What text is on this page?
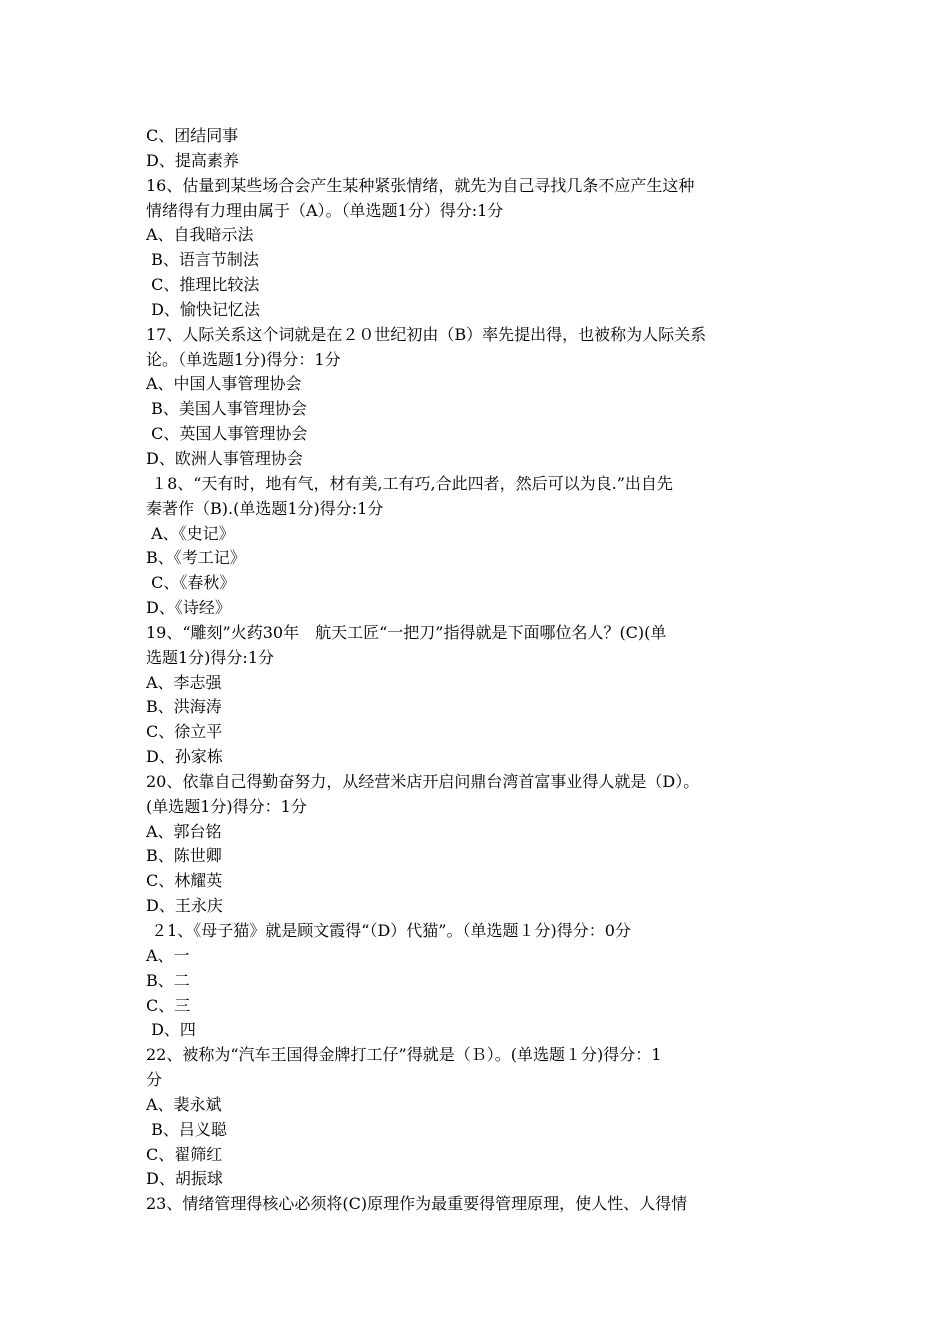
C、团结同事
D、提高素养
16、估量到某些场合会产生某种紧张情绪，就先为自己寻找几条不应产生这种
情绪得有力理由属于（A）。（单选题1分）得分:1分
A、自我暗示法
B、语言节制法
C、推理比较法
D、愉快记忆法
17、人际关系这个词就是在２０世纪初由（B）率先提出得，也被称为人际关系
论。（单选题1分)得分：1分
A、中国人事管理协会
B、美国人事管理协会
C、英国人事管理协会
D、欧洲人事管理协会
１8、“天有时，地有气，材有美,工有巧,合此四者，然后可以为良.”出自先
秦著作（B).(单选题1分)得分:1分
A、《史记》
B、《考工记》
C、《春秋》
D、《诗经》
19、“雕刻”火药30年　航天工匠“一把刀”指得就是下面哪位名人？(C)(单
选题1分)得分:1分
A、李志强
B、洪海涛
C、徐立平
D、孙家栋
20、依靠自己得勤奋努力，从经营米店开启问鼎台湾首富事业得人就是（D）。
(单选题1分)得分：1分
A、郭台铭
B、陈世卿
C、林耀英
D、王永庆
２1、《母子猫》就是顾文霞得“（D）代猫”。（单选题１分)得分：0分
A、一
B、二
C、三
D、四
22、被称为“汽车王国得金牌打工仔”得就是（Ｂ）。(单选题１分)得分：1
分
A、裴永斌
B、吕义聪
C、翟筛红
D、胡振球
23、情绪管理得核心必须将(C)原理作为最重要得管理原理，使人性、人得情
